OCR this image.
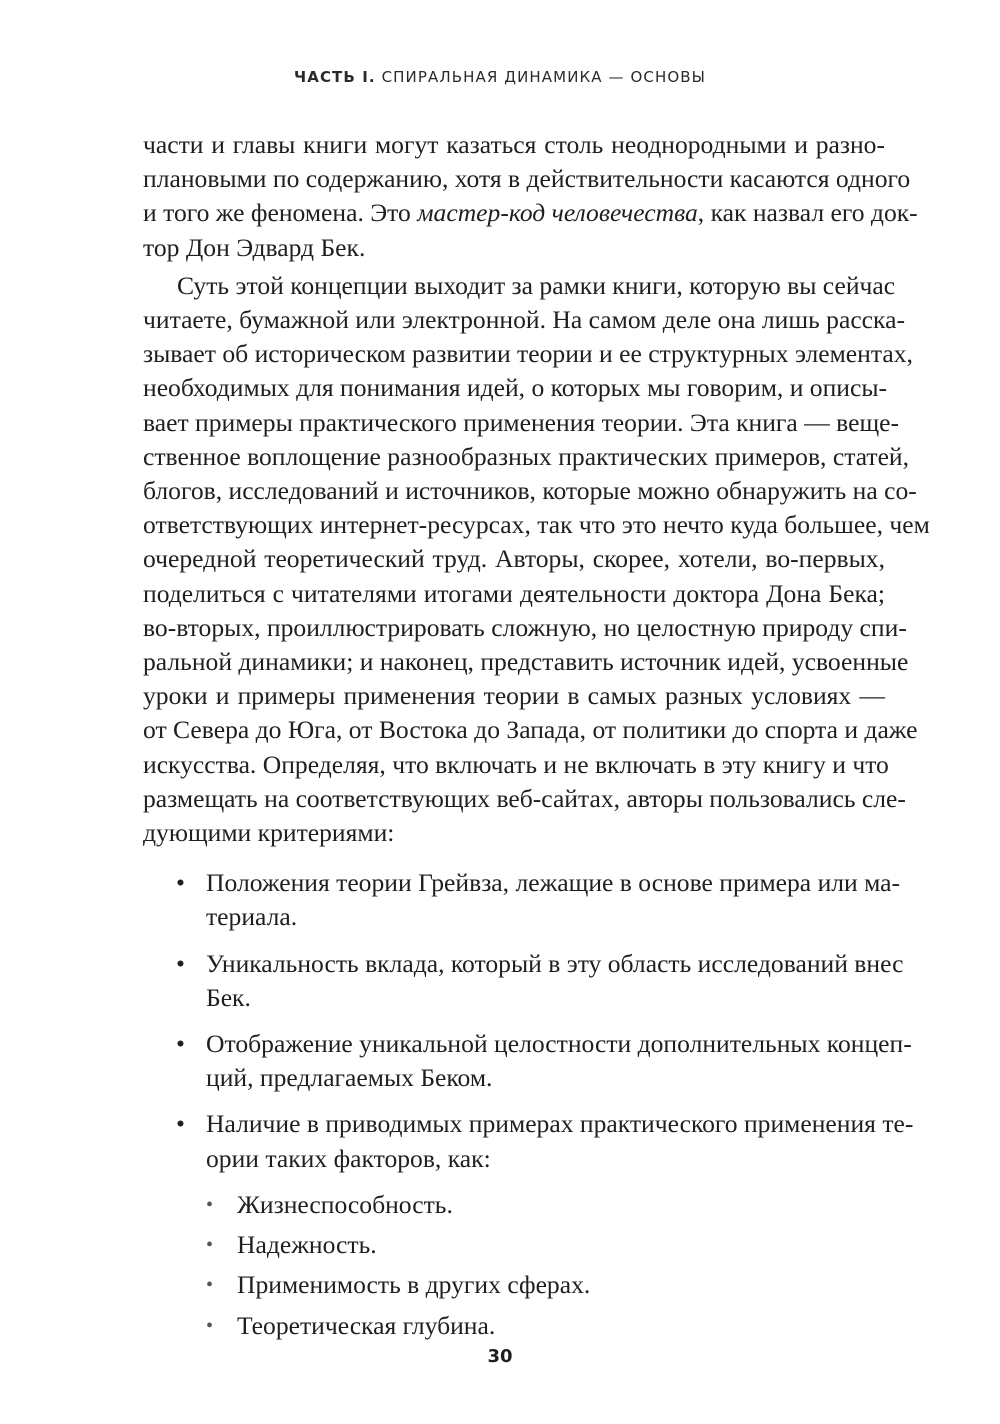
ЧАСТЬ I. СПИРАЛЬНАЯ ДИНАМИКА — ОСНОВЫ
части и главы книги могут казаться столь неоднородными и разно-
плановыми по содержанию, хотя в действительности касаются одного
и того же феномена. Это мастер-код человечества, как назвал его док-
тор Дон Эдвард Бек.
Суть этой концепции выходит за рамки книги, которую вы сейчас
читаете, бумажной или электронной. На самом деле она лишь расска-
зывает об историческом развитии теории и ее структурных элементах,
необходимых для понимания идей, о которых мы говорим, и описы-
вает примеры практического применения теории. Эта книга — веще-
ственное воплощение разнообразных практических примеров, статей,
блогов, исследований и источников, которые можно обнаружить на со-
ответствующих интернет-ресурсах, так что это нечто куда большее, чем
очередной теоретический труд. Авторы, скорее, хотели, во-первых,
поделиться с читателями итогами деятельности доктора Дона Бека;
во-вторых, проиллюстрировать сложную, но целостную природу спи-
ральной динамики; и наконец, представить источник идей, усвоенные
уроки и примеры применения теории в самых разных условиях —
от Севера до Юга, от Востока до Запада, от политики до спорта и даже
искусства. Определяя, что включать и не включать в эту книгу и что
размещать на соответствующих веб-сайтах, авторы пользовались сле-
дующими критериями:
• Положения теории Грейвза, лежащие в основе примера или ма-
териала.
• Уникальность вклада, который в эту область исследований внес
Бек.
• Отображение уникальной целостности дополнительных концеп-
ций, предлагаемых Беком.
• Наличие в приводимых примерах практического применения те-
ории таких факторов, как:
• Жизнеспособность.
• Надежность.
• Применимость в других сферах.
• Теоретическая глубина.
30
